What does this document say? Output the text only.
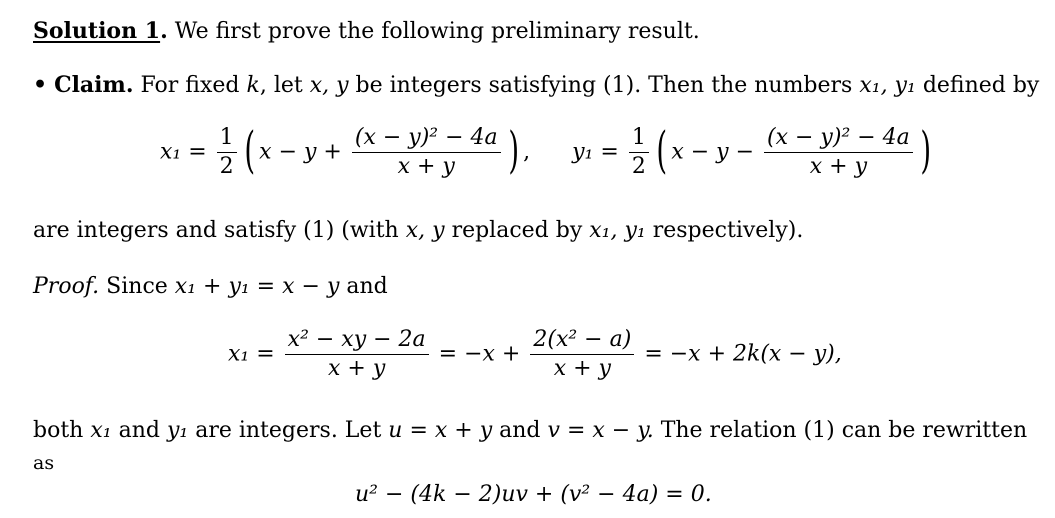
Solution 1. We first prove the following preliminary result.
• Claim. For fixed k, let x, y be integers satisfying (1). Then the numbers x₁, y₁ defined by
$x_1 = \frac{1}{2}$ ( $x - y + \frac{\text{(x − y)² − 4a}}{x + y}$ ) , $y_1 = \frac{1}{2}$ ( $x - y - \frac{\text{(x − y)² − 4a}}{x + y}$ )
are integers and satisfy (1) (with x, y replaced by x₁, y₁ respectively).
Proof. Since x₁ + y₁ = x − y and
$x_1 = \frac{\text{x² − xy − 2a}}{x + y} = -x + \frac{\text{2(x² − a)}}{x + y} = -x + 2k(x - y)$,
both x₁ and y₁ are integers. Let u = x + y and v = x − y. The relation (1) can be rewritten
as
u² − (4k − 2)uv + (v² − 4a) = 0.
